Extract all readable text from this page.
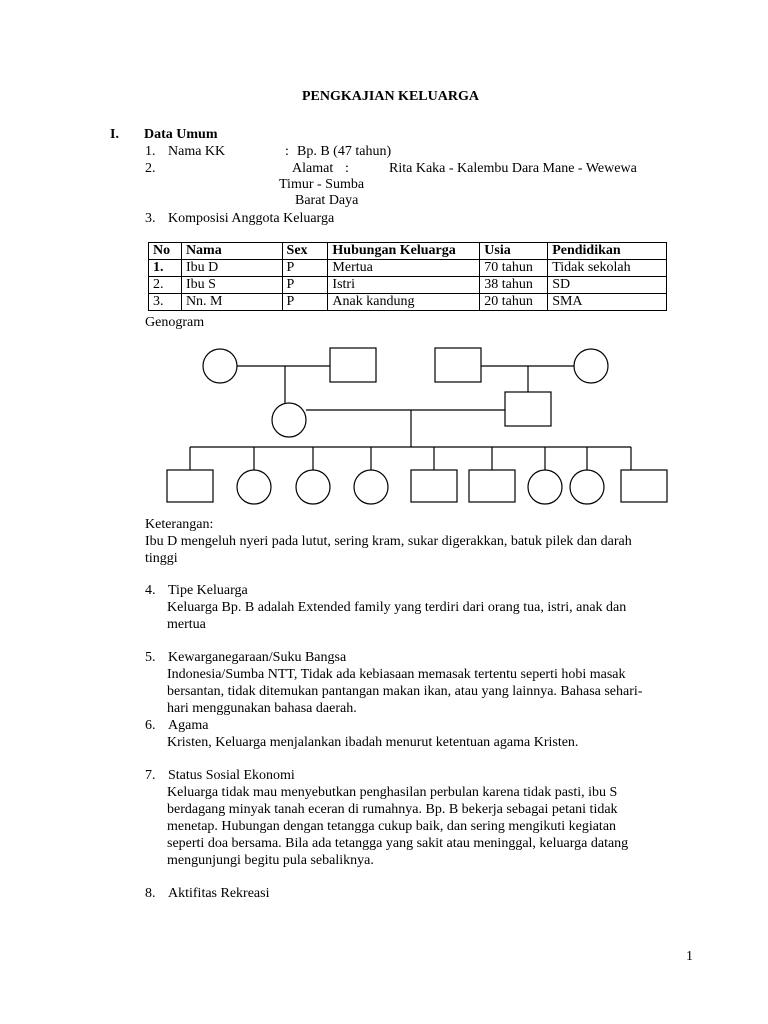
PENGKAJIAN KELUARGA
I. Data Umum
1. Nama KK	: Bp. B (47 tahun)
2.	Alamat :	Rita Kaka - Kalembu Dara Mane - Wewewa
Timur - Sumba
Barat Daya
3. Komposisi Anggota Keluarga
No	Nama	Sex	Hubungan Keluarga	Usia	Pendidikan
1.	Ibu D	P	Mertua	70 tahun	Tidak sekolah
2.	Ibu S	P	Istri	38 tahun	SD
3.	Nn. M	P	Anak kandung	20 tahun	SMA
Genogram
Keterangan:
Ibu D mengeluh nyeri pada lutut, sering kram, sukar digerakkan, batuk pilek dan darah
tinggi
4. Tipe Keluarga
Keluarga Bp. B adalah Extended family yang terdiri dari orang tua, istri, anak dan
mertua
5. Kewarganegaraan/Suku Bangsa
Indonesia/Sumba NTT, Tidak ada kebiasaan memasak tertentu seperti hobi masak
bersantan, tidak ditemukan pantangan makan ikan, atau yang lainnya. Bahasa sehari-
hari menggunakan bahasa daerah.
6. Agama
Kristen, Keluarga menjalankan ibadah menurut ketentuan agama Kristen.
7. Status Sosial Ekonomi
Keluarga tidak mau menyebutkan penghasilan perbulan karena tidak pasti, ibu S
berdagang minyak tanah eceran di rumahnya. Bp. B bekerja sebagai petani tidak
menetap. Hubungan dengan tetangga cukup baik, dan sering mengikuti kegiatan
seperti doa bersama. Bila ada tetangga yang sakit atau meninggal, keluarga datang
mengunjungi begitu pula sebaliknya.
8. Aktifitas Rekreasi
1
